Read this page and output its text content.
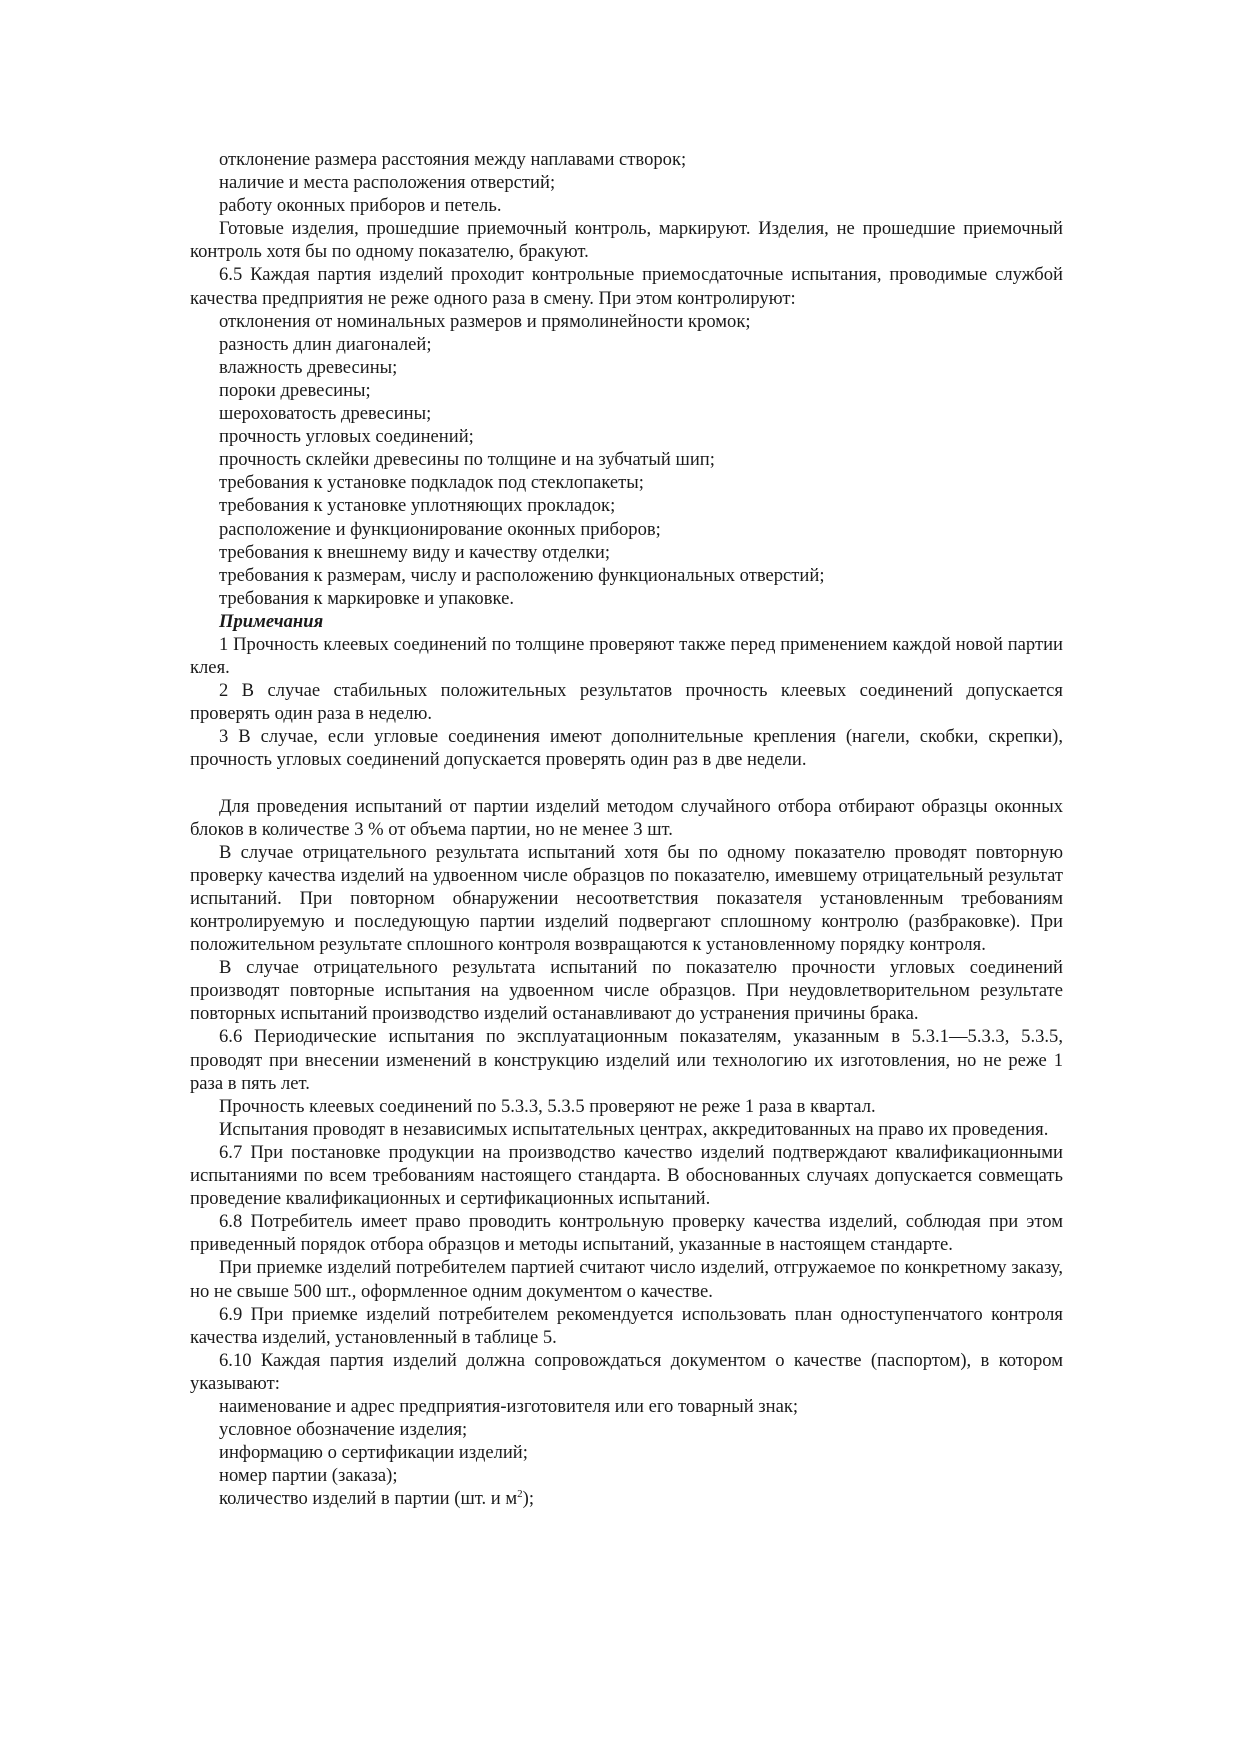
отклонение размера расстояния между наплавами створок;

наличие и места расположения отверстий;

работу оконных приборов и петель.

Готовые изделия, прошедшие приемочный контроль, маркируют. Изделия, не прошедшие приемочный контроль хотя бы по одному показателю, бракуют.

6.5 Каждая партия изделий проходит контрольные приемосдаточные испытания, проводимые службой качества предприятия не реже одного раза в смену. При этом контролируют:

отклонения от номинальных размеров и прямолинейности кромок;

разность длин диагоналей;

влажность древесины;

пороки древесины;

шероховатость древесины;

прочность угловых соединений;

прочность склейки древесины по толщине и на зубчатый шип;

требования к установке подкладок под стеклопакеты;

требования к установке уплотняющих прокладок;

расположение и функционирование оконных приборов;

требования к внешнему виду и качеству отделки;

требования к размерам, числу и расположению функциональных отверстий;

требования к маркировке и упаковке.

Примечания

1 Прочность клеевых соединений по толщине проверяют также перед применением каждой новой партии клея.

2 В случае стабильных положительных результатов прочность клеевых соединений допускается проверять один раза в неделю.

3 В случае, если угловые соединения имеют дополнительные крепления (нагели, скобки, скрепки), прочность угловых соединений допускается проверять один раз в две недели.

Для проведения испытаний от партии изделий методом случайного отбора отбирают образцы оконных блоков в количестве 3 % от объема партии, но не менее 3 шт.

В случае отрицательного результата испытаний хотя бы по одному показателю проводят повторную проверку качества изделий на удвоенном числе образцов по показателю, имевшему отрицательный результат испытаний. При повторном обнаружении несоответствия показателя установленным требованиям контролируемую и последующую партии изделий подвергают сплошному контролю (разбраковке). При положительном результате сплошного контроля возвращаются к установленному порядку контроля.

В случае отрицательного результата испытаний по показателю прочности угловых соединений производят повторные испытания на удвоенном числе образцов. При неудовлетворительном результате повторных испытаний производство изделий останавливают до устранения причины брака.

6.6 Периодические испытания по эксплуатационным показателям, указанным в 5.3.1—5.3.3, 5.3.5, проводят при внесении изменений в конструкцию изделий или технологию их изготовления, но не реже 1 раза в пять лет.

Прочность клеевых соединений по 5.3.3, 5.3.5 проверяют не реже 1 раза в квартал.

Испытания проводят в независимых испытательных центрах, аккредитованных на право их проведения.

6.7 При постановке продукции на производство качество изделий подтверждают квалификационными испытаниями по всем требованиям настоящего стандарта. В обоснованных случаях допускается совмещать проведение квалификационных и сертификационных испытаний.

6.8 Потребитель имеет право проводить контрольную проверку качества изделий, соблюдая при этом приведенный порядок отбора образцов и методы испытаний, указанные в настоящем стандарте.

При приемке изделий потребителем партией считают число изделий, отгружаемое по конкретному заказу, но не свыше 500 шт., оформленное одним документом о качестве.

6.9 При приемке изделий потребителем рекомендуется использовать план одноступенчатого контроля качества изделий, установленный в таблице 5.

6.10 Каждая партия изделий должна сопровождаться документом о качестве (паспортом), в котором указывают:

наименование и адрес предприятия-изготовителя или его товарный знак;

условное обозначение изделия;

информацию о сертификации изделий;

номер партии (заказа);

количество изделий в партии (шт. и $м^2$);
